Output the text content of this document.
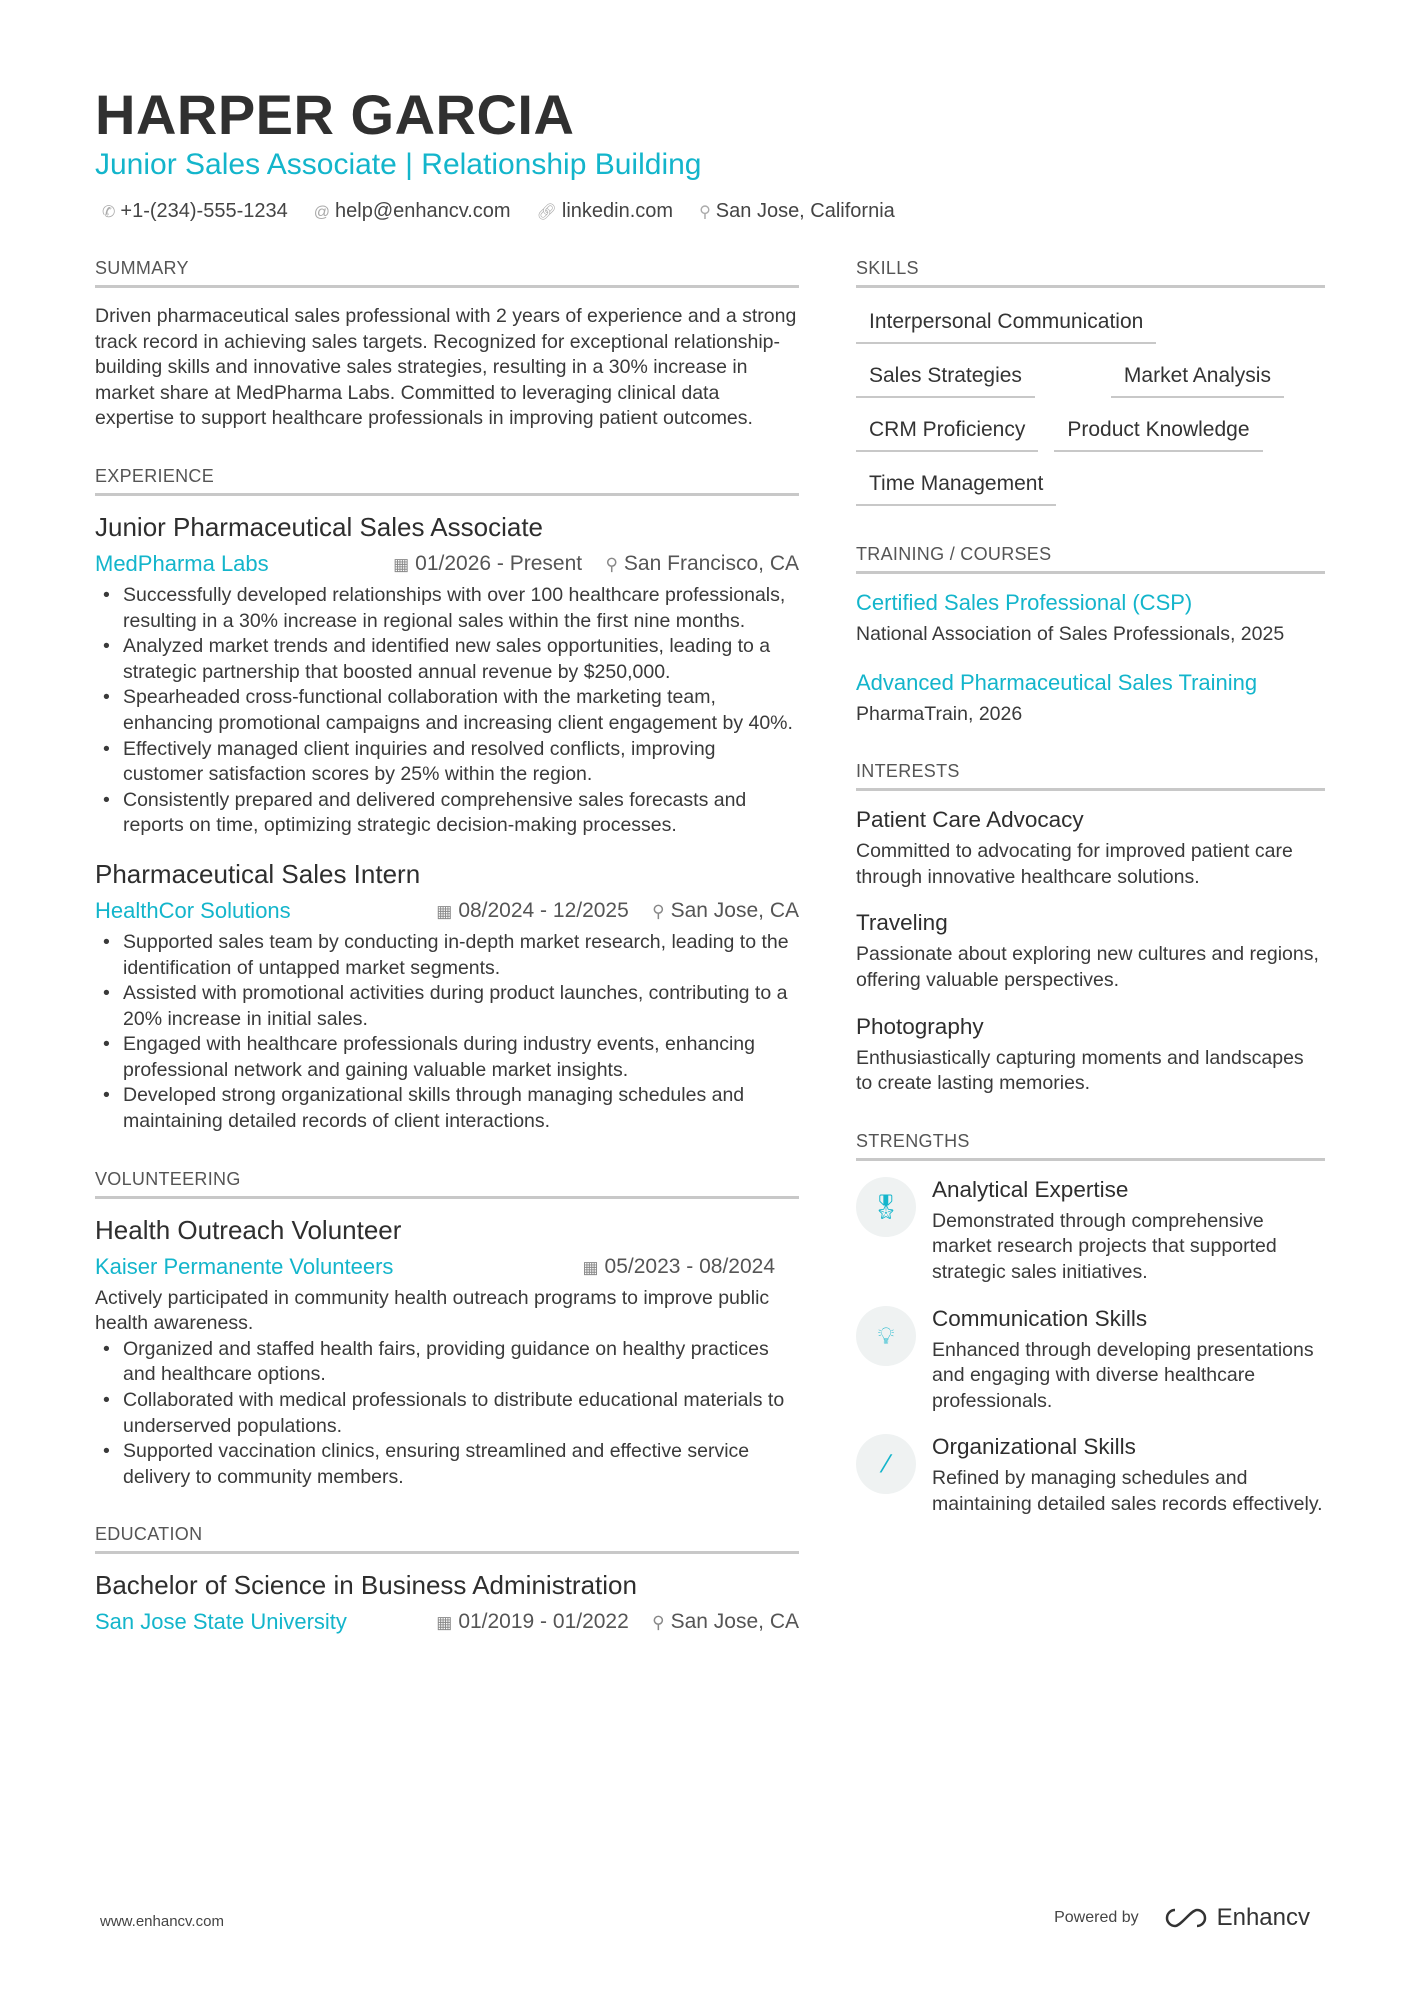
HARPER GARCIA
Junior Sales Associate | Relationship Building
✆ +1-(234)-555-1234 @ help@enhancv.com 🔗︎ linkedin.com ⚲ San Jose, California
SUMMARY
Driven pharmaceutical sales professional with 2 years of experience and a strong track record in achieving sales targets. Recognized for exceptional relationship-building skills and innovative sales strategies, resulting in a 30% increase in market share at MedPharma Labs. Committed to leveraging clinical data expertise to support healthcare professionals in improving patient outcomes.
EXPERIENCE
Junior Pharmaceutical Sales Associate
MedPharma Labs	▦ 01/2026 - Present ⚲ San Francisco, CA
• Successfully developed relationships with over 100 healthcare professionals, resulting in a 30% increase in regional sales within the first nine months.
• Analyzed market trends and identified new sales opportunities, leading to a strategic partnership that boosted annual revenue by $250,000.
• Spearheaded cross-functional collaboration with the marketing team, enhancing promotional campaigns and increasing client engagement by 40%.
• Effectively managed client inquiries and resolved conflicts, improving customer satisfaction scores by 25% within the region.
• Consistently prepared and delivered comprehensive sales forecasts and reports on time, optimizing strategic decision-making processes.
Pharmaceutical Sales Intern
HealthCor Solutions	▦ 08/2024 - 12/2025 ⚲ San Jose, CA
• Supported sales team by conducting in-depth market research, leading to the identification of untapped market segments.
• Assisted with promotional activities during product launches, contributing to a 20% increase in initial sales.
• Engaged with healthcare professionals during industry events, enhancing professional network and gaining valuable market insights.
• Developed strong organizational skills through managing schedules and maintaining detailed records of client interactions.
VOLUNTEERING
Health Outreach Volunteer
Kaiser Permanente Volunteers	▦ 05/2023 - 08/2024
Actively participated in community health outreach programs to improve public health awareness.
• Organized and staffed health fairs, providing guidance on healthy practices and healthcare options.
• Collaborated with medical professionals to distribute educational materials to underserved populations.
• Supported vaccination clinics, ensuring streamlined and effective service delivery to community members.
EDUCATION
Bachelor of Science in Business Administration
San Jose State University	▦ 01/2019 - 01/2022 ⚲ San Jose, CA
SKILLS
Interpersonal Communication
Sales Strategies	Market Analysis
CRM Proficiency	Product Knowledge
Time Management
TRAINING / COURSES
Certified Sales Professional (CSP)
National Association of Sales Professionals, 2025
Advanced Pharmaceutical Sales Training
PharmaTrain, 2026
INTERESTS
Patient Care Advocacy
Committed to advocating for improved patient care through innovative healthcare solutions.
Traveling
Passionate about exploring new cultures and regions, offering valuable perspectives.
Photography
Enthusiastically capturing moments and landscapes to create lasting memories.
STRENGTHS
🎖︎
Analytical Expertise
Demonstrated through comprehensive market research projects that supported strategic sales initiatives.
💡︎
Communication Skills
Enhanced through developing presentations and engaging with diverse healthcare professionals.
⁄
Organizational Skills
Refined by managing schedules and maintaining detailed sales records effectively.
www.enhancv.com	Powered by	Enhancv
